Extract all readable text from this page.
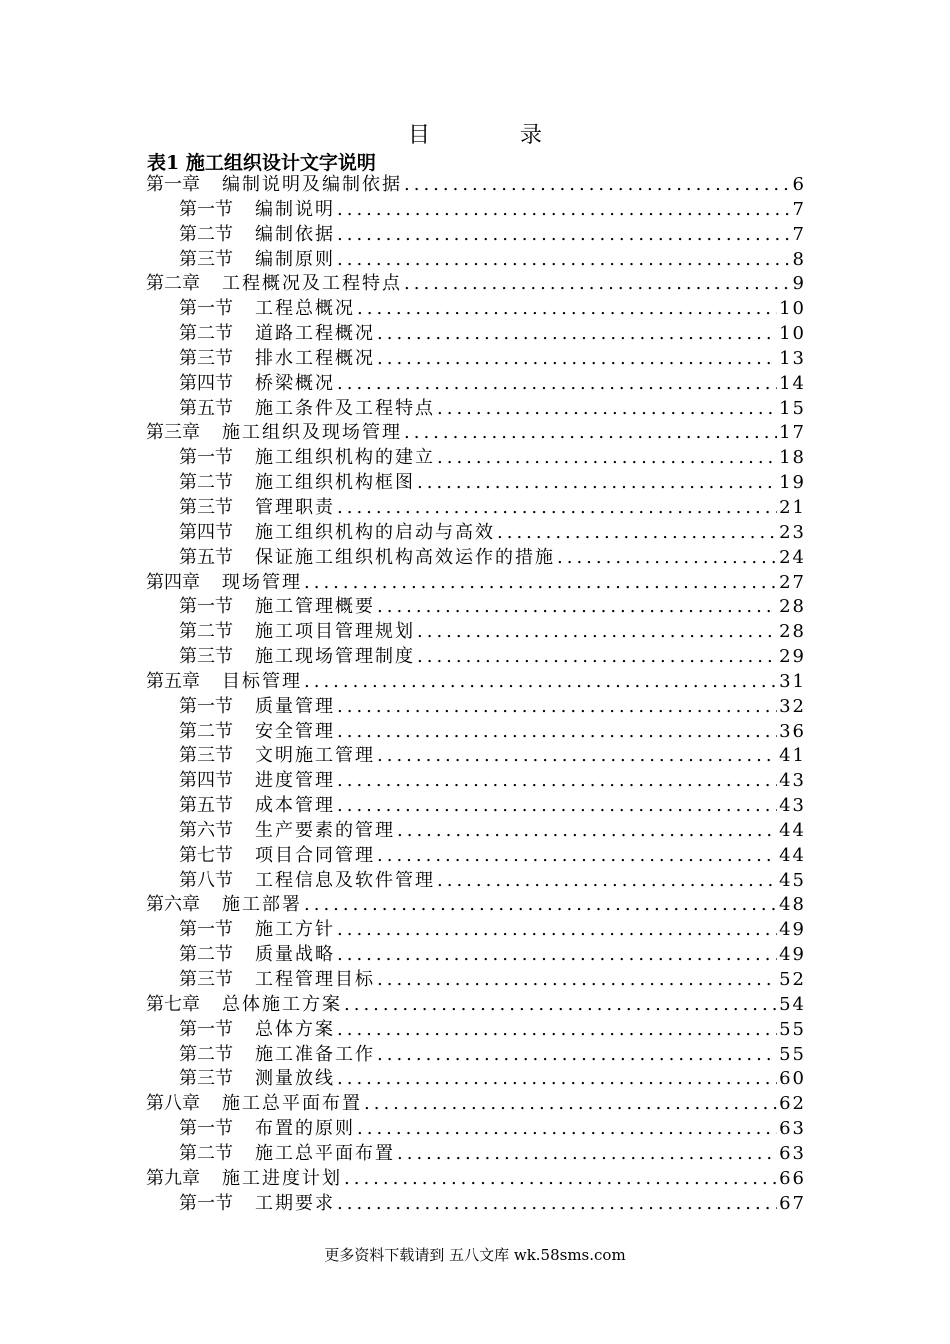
目　录
表1 施工组织设计文字说明
第一章 编制说明及编制依据 .....	6
第一节 编制说明 .....	7
第二节 编制依据 .....	7
第三节 编制原则 .....	8
第二章 工程概况及工程特点 .....	9
第一节 工程总概况 .....	10
第二节 道路工程概况 .....	10
第三节 排水工程概况 .....	13
第四节 桥梁概况 .....	14
第五节 施工条件及工程特点 .....	15
第三章 施工组织及现场管理 .....	17
第一节 施工组织机构的建立 .....	18
第二节 施工组织机构框图 .....	19
第三节 管理职责 .....	21
第四节 施工组织机构的启动与高效 .....	23
第五节 保证施工组织机构高效运作的措施 .....	24
第四章 现场管理 .....	27
第一节 施工管理概要 .....	28
第二节 施工项目管理规划 .....	28
第三节 施工现场管理制度 .....	29
第五章 目标管理 .....	31
第一节 质量管理 .....	32
第二节 安全管理 .....	36
第三节 文明施工管理 .....	41
第四节 进度管理 .....	43
第五节 成本管理 .....	43
第六节 生产要素的管理 .....	44
第七节 项目合同管理 .....	44
第八节 工程信息及软件管理 .....	45
第六章 施工部署 .....	48
第一节 施工方针 .....	49
第二节 质量战略 .....	49
第三节 工程管理目标 .....	52
第七章 总体施工方案 .....	54
第一节 总体方案 .....	55
第二节 施工准备工作 .....	55
第三节 测量放线 .....	60
第八章 施工总平面布置 .....	62
第一节 布置的原则 .....	63
第二节 施工总平面布置 .....	63
第九章 施工进度计划 .....	66
第一节 工期要求 .....	67
更多资料下载请到 五八文库 wk.58sms.com
